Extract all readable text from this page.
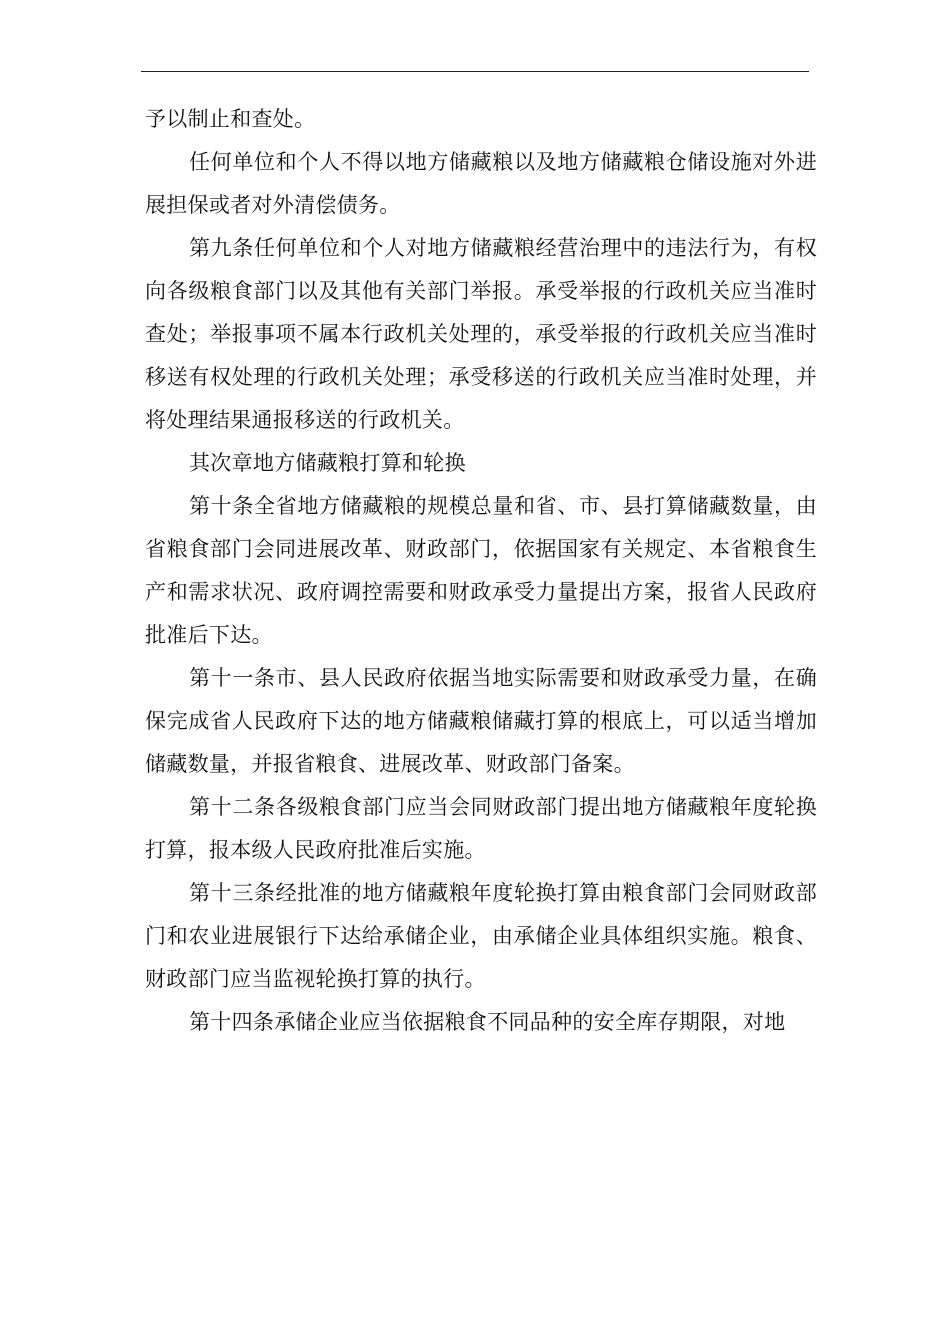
予以制止和查处。

任何单位和个人不得以地方储藏粮以及地方储藏粮仓储设施对外进展担保或者对外清偿债务。

第九条任何单位和个人对地方储藏粮经营治理中的违法行为，有权向各级粮食部门以及其他有关部门举报。承受举报的行政机关应当准时查处；举报事项不属本行政机关处理的，承受举报的行政机关应当准时移送有权处理的行政机关处理；承受移送的行政机关应当准时处理，并将处理结果通报移送的行政机关。

其次章地方储藏粮打算和轮换

第十条全省地方储藏粮的规模总量和省、市、县打算储藏数量，由省粮食部门会同进展改革、财政部门，依据国家有关规定、本省粮食生产和需求状况、政府调控需要和财政承受力量提出方案，报省人民政府批准后下达。

第十一条市、县人民政府依据当地实际需要和财政承受力量，在确保完成省人民政府下达的地方储藏粮储藏打算的根底上，可以适当增加储藏数量，并报省粮食、进展改革、财政部门备案。

第十二条各级粮食部门应当会同财政部门提出地方储藏粮年度轮换打算，报本级人民政府批准后实施。

第十三条经批准的地方储藏粮年度轮换打算由粮食部门会同财政部门和农业进展银行下达给承储企业，由承储企业具体组织实施。粮食、财政部门应当监视轮换打算的执行。

第十四条承储企业应当依据粮食不同品种的安全库存期限，对地
